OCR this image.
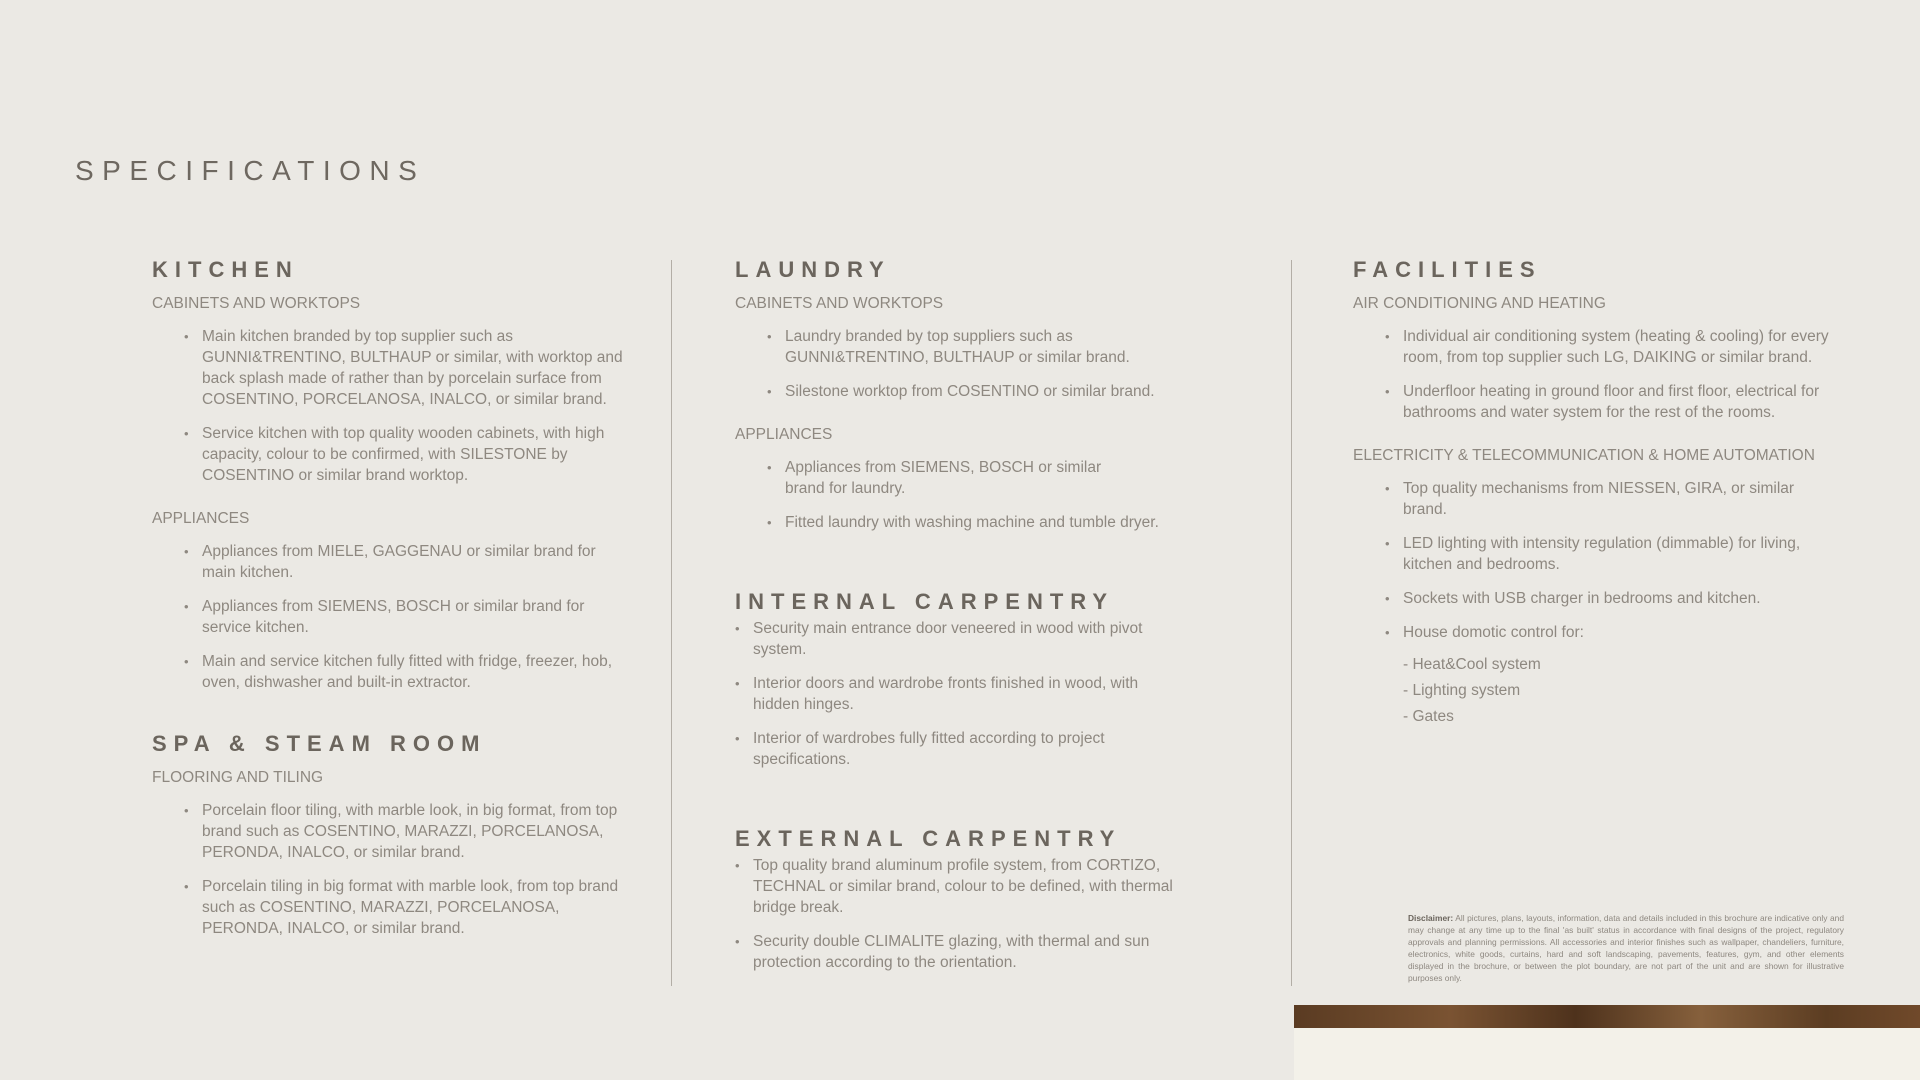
SPECIFICATIONS
KITCHEN
CABINETS AND WORKTOPS
• Main kitchen branded by top supplier such as GUNNI&TRENTINO, BULTHAUP or similar, with worktop and back splash made of rather than by porcelain surface from COSENTINO, PORCELANOSA, INALCO, or similar brand.
• Service kitchen with top quality wooden cabinets, with high capacity, colour to be confirmed, with SILESTONE by COSENTINO or similar brand worktop.
APPLIANCES
• Appliances from MIELE, GAGGENAU or similar brand for main kitchen.
• Appliances from SIEMENS, BOSCH or similar brand for service kitchen.
• Main and service kitchen fully fitted with fridge, freezer, hob, oven, dishwasher and built-in extractor.
SPA & STEAM ROOM
FLOORING AND TILING
• Porcelain floor tiling, with marble look, in big format, from top brand such as COSENTINO, MARAZZI, PORCELANOSA, PERONDA, INALCO, or similar brand.
• Porcelain tiling in big format with marble look, from top brand such as COSENTINO, MARAZZI, PORCELANOSA, PERONDA, INALCO, or similar brand.
LAUNDRY
CABINETS AND WORKTOPS
• Laundry branded by top suppliers such as GUNNI&TRENTINO, BULTHAUP or similar brand.
• Silestone worktop from COSENTINO or similar brand.
APPLIANCES
• Appliances from SIEMENS, BOSCH or similar brand for laundry.
• Fitted laundry with washing machine and tumble dryer.
INTERNAL CARPENTRY
• Security main entrance door veneered in wood with pivot system.
• Interior doors and wardrobe fronts finished in wood, with hidden hinges.
• Interior of wardrobes fully fitted according to project specifications.
EXTERNAL CARPENTRY
• Top quality brand aluminum profile system, from CORTIZO, TECHNAL or similar brand, colour to be defined, with thermal bridge break.
• Security double CLIMALITE glazing, with thermal and sun protection according to the orientation.
FACILITIES
AIR CONDITIONING AND HEATING
• Individual air conditioning system (heating & cooling) for every room, from top supplier such LG, DAIKING or similar brand.
• Underfloor heating in ground floor and first floor, electrical for bathrooms and water system for the rest of the rooms.
ELECTRICITY & TELECOMMUNICATION & HOME AUTOMATION
• Top quality mechanisms from NIESSEN, GIRA, or similar brand.
• LED lighting with intensity regulation (dimmable) for living, kitchen and bedrooms.
• Sockets with USB charger in bedrooms and kitchen.
• House domotic control for:
- Heat&Cool system
- Lighting system
- Gates
Disclaimer: All pictures, plans, layouts, information, data and details included in this brochure are indicative only and may change at any time up to the final 'as built' status in accordance with final designs of the project, regulatory approvals and planning permissions. All accessories and interior finishes such as wallpaper, chandeliers, furniture, electronics, white goods, curtains, hard and soft landscaping, pavements, features, gym, and other elements displayed in the brochure, or between the plot boundary, are not part of the unit and are shown for illustrative purposes only.
